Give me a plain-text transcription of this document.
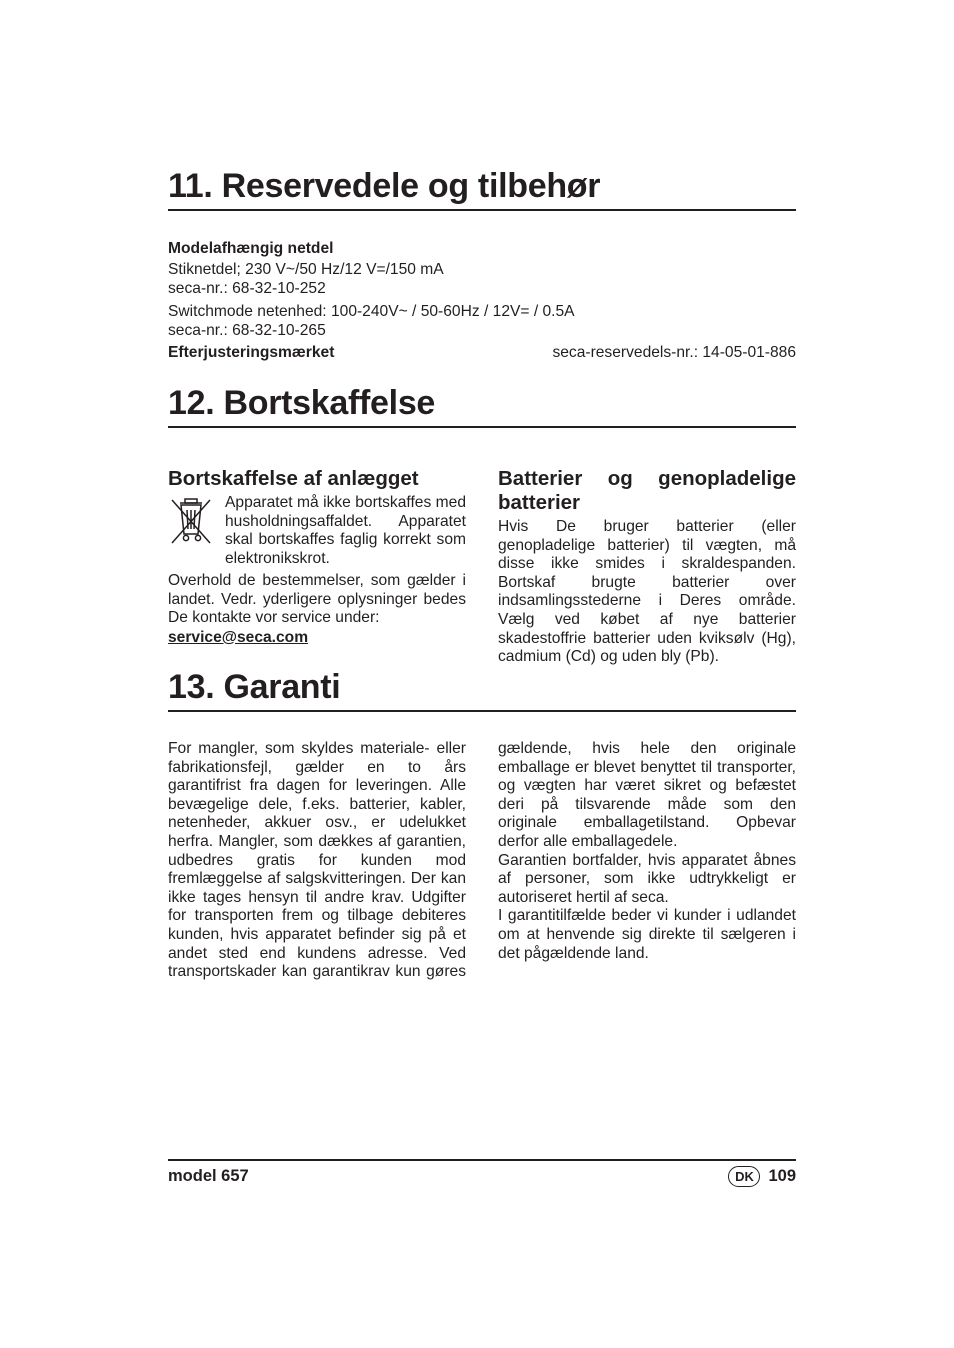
11. Reservedele og tilbehør

Modelafhængig netdel

Stiknetdel; 230 V~/50 Hz/12 V=/150 mA

seca-nr.: 68-32-10-252

Switchmode netenhed: 100-240V~ / 50-60Hz / 12V= / 0.5A

seca-nr.: 68-32-10-265

Efterjusteringsmærket	seca-reservedels-nr.: 14-05-01-886
12. Bortskaffelse
Bortskaffelse af anlægget

Apparatet må ikke bortskaffes med husholdningsaffaldet. Apparatet skal bortskaffes faglig korrekt som elektronikskrot.

Overhold de bestemmelser, som gælder i landet. Vedr. yderligere oplysninger bedes De kontakte vor service under:

service@seca.com
Batterier og genopladelige batterier

Hvis De bruger batterier (eller genopladelige batterier) til vægten, må disse ikke smides i skraldespanden. Bortskaf brugte batterier over indsamlingsstederne i Deres område. Vælg ved købet af nye batterier skadestoffrie batterier uden kviksølv (Hg), cadmium (Cd) og uden bly (Pb).

13. Garanti

For mangler, som skyldes materiale- eller fabrikationsfejl, gælder en to års garantifrist fra dagen for leveringen. Alle bevægelige dele, f.eks. batterier, kabler, netenheder, akkuer osv., er udelukket herfra. Mangler, som dækkes af garantien, udbedres gratis for kunden mod fremlæggelse af salgskvitteringen. Der kan ikke tages hensyn til andre krav. Udgifter for transporten frem og tilbage debiteres kunden, hvis apparatet befinder sig på et andet sted end kundens adresse. Ved transportskader kan garantikrav kun gøres

gældende, hvis hele den originale emballage er blevet benyttet til transporter, og vægten har været sikret og befæstet deri på tilsvarende måde som den originale emballagetilstand. Opbevar derfor alle emballagedele.

Garantien bortfalder, hvis apparatet åbnes af personer, som ikke udtrykkeligt er autoriseret hertil af seca.

I garantitilfælde beder vi kunder i udlandet om at henvende sig direkte til sælgeren i det pågældende land.

model 657	DK 109
